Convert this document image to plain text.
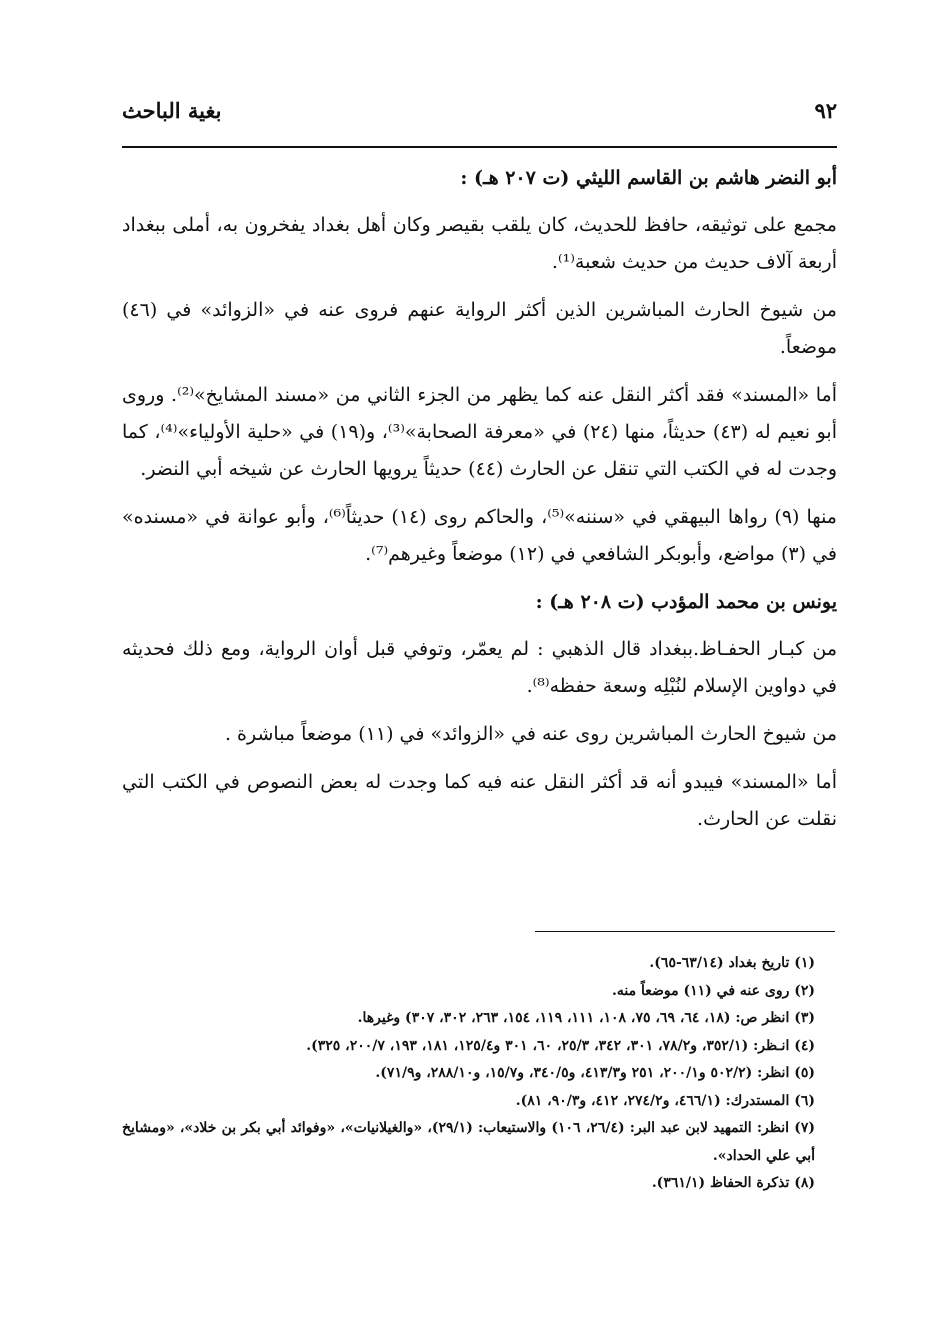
٩٢
بغية الباحث

أبو النضر هاشم بن القاسم الليثي (ت ٢٠٧ هـ) :

مجمع على توثيقه، حافظ للحديث، كان يلقب بقيصر وكان أهل بغداد يفخرون به، أملى ببغداد أربعة آلاف حديث من حديث شعبة⁽¹⁾.

من شيوخ الحارث المباشرين الذين أكثر الرواية عنهم فروى عنه في «الزوائد» في (٤٦) موضعاً.

أما «المسند» فقد أكثر النقل عنه كما يظهر من الجزء الثاني من «مسند المشايخ»⁽²⁾. وروى أبو نعيم له (٤٣) حديثاً، منها (٢٤) في «معرفة الصحابة»⁽³⁾، و(١٩) في «حلية الأولياء»⁽⁴⁾، كما وجدت له في الكتب التي تنقل عن الحارث (٤٤) حديثاً يرويها الحارث عن شيخه أبي النضر.

منها (٩) رواها البيهقي في «سننه»⁽⁵⁾، والحاكم روى (١٤) حديثاً⁽⁶⁾، وأبو عوانة في «مسنده» في (٣) مواضع، وأبوبكر الشافعي في (١٢) موضعاً وغيرهم⁽⁷⁾.

يونس بن محمد المؤدب (ت ٢٠٨ هـ) :

من كبـار الحفـاظ.ببغداد قال الذهبي : لم يعمّر، وتوفي قبل أوان الرواية، ومع ذلك فحديثه في دواوين الإسلام لنُبْلِه وسعة حفظه⁽⁸⁾.

من شيوخ الحارث المباشرين روى عنه في «الزوائد» في (١١) موضعاً مباشرة .

أما «المسند» فيبدو أنه قد أكثر النقل عنه فيه كما وجدت له بعض النصوص في الكتب التي نقلت عن الحارث.

(١) تاريخ بغداد (٦٣/١٤-٦٥).

(٢) روى عنه في (١١) موضعاً منه.

(٣) انظر ص: (١٨، ٦٤، ٦٩، ٧٥، ١٠٨، ١١١، ١١٩، ١٥٤، ٢٦٣، ٣٠٢، ٣٠٧) وغيرها.

(٤) انـظر: (٣٥٢/١، و٧٨/٢، ٣٠١، ٣٤٢، ٢٥/٣، ٦٠، ٣٠١ و١٢٥/٤، ١٨١، ١٩٣، ٢٠٠/٧، ٣٢٥).

(٥) انظر: (٥٠٢/٢ و٢٠٠/١، ٢٥١ و٤١٣/٣، و٣٤٠/٥، و١٥/٧، و٢٨٨/١٠، و٧١/٩).

(٦) المستدرك: (٤٦٦/١، و٢٧٤/٢، ٤١٢، و٩٠/٣، ٨١).

(٧) انظر: التمهيد لابن عبد البر: (٢٦/٤، ١٠٦) والاستيعاب: (٢٩/١)، «والغيلانيات»، «وفوائد أبي بكر بن خلاد»، «ومشايخ أبي علي الحداد».

(٨) تذكرة الحفاظ (٣٦١/١).
